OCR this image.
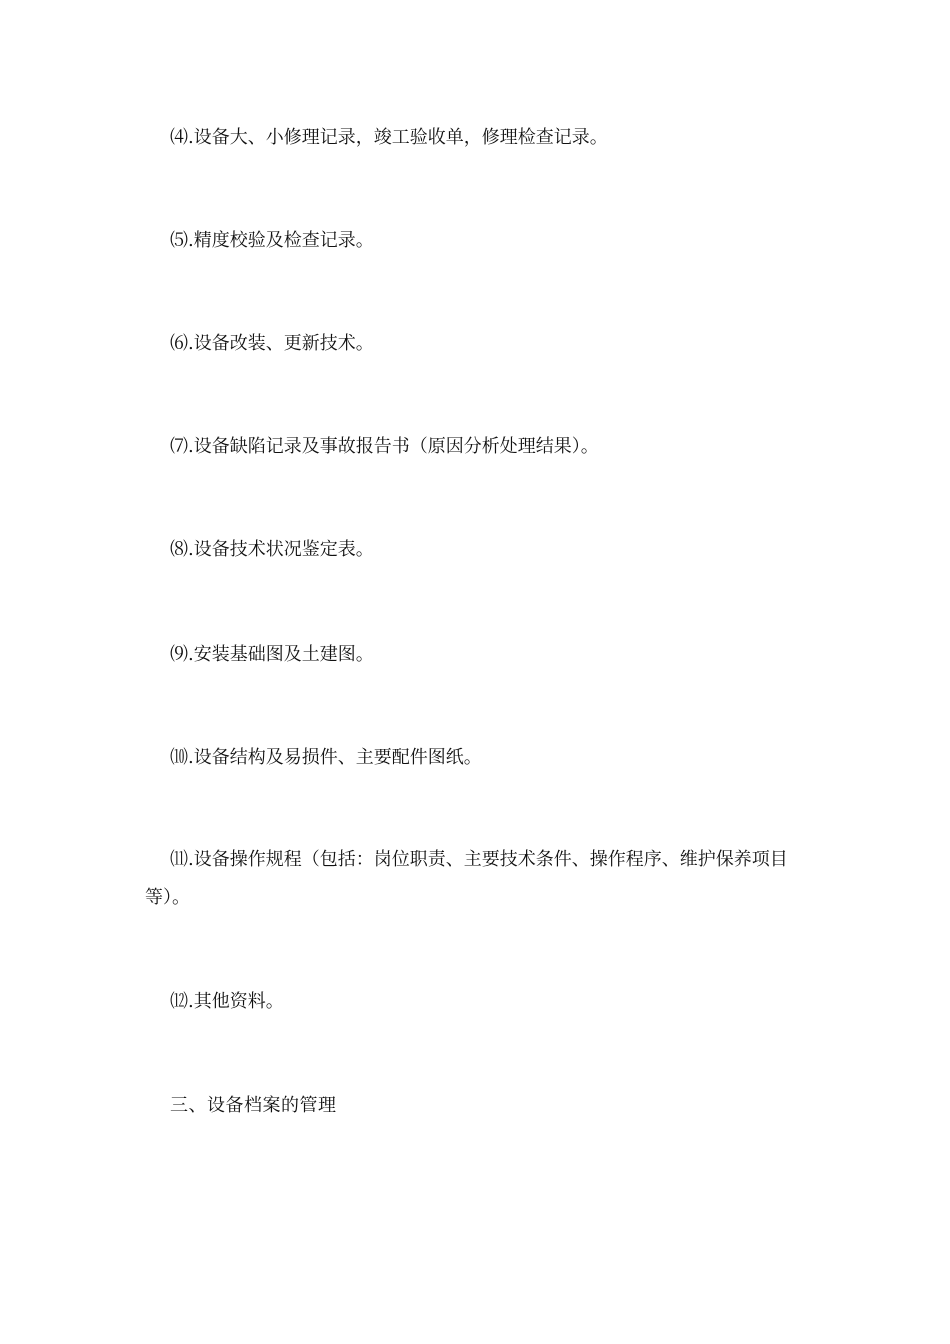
⑷.设备大、小修理记录，竣工验收单，修理检查记录。

⑸.精度校验及检查记录。

⑹.设备改装、更新技术。

⑺.设备缺陷记录及事故报告书（原因分析处理结果）。

⑻.设备技术状况鉴定表。

⑼.安装基础图及土建图。

⑽.设备结构及易损件、主要配件图纸。

⑾.设备操作规程（包括：岗位职责、主要技术条件、操作程序、维护保养项目等）。

⑿.其他资料。

三、设备档案的管理
